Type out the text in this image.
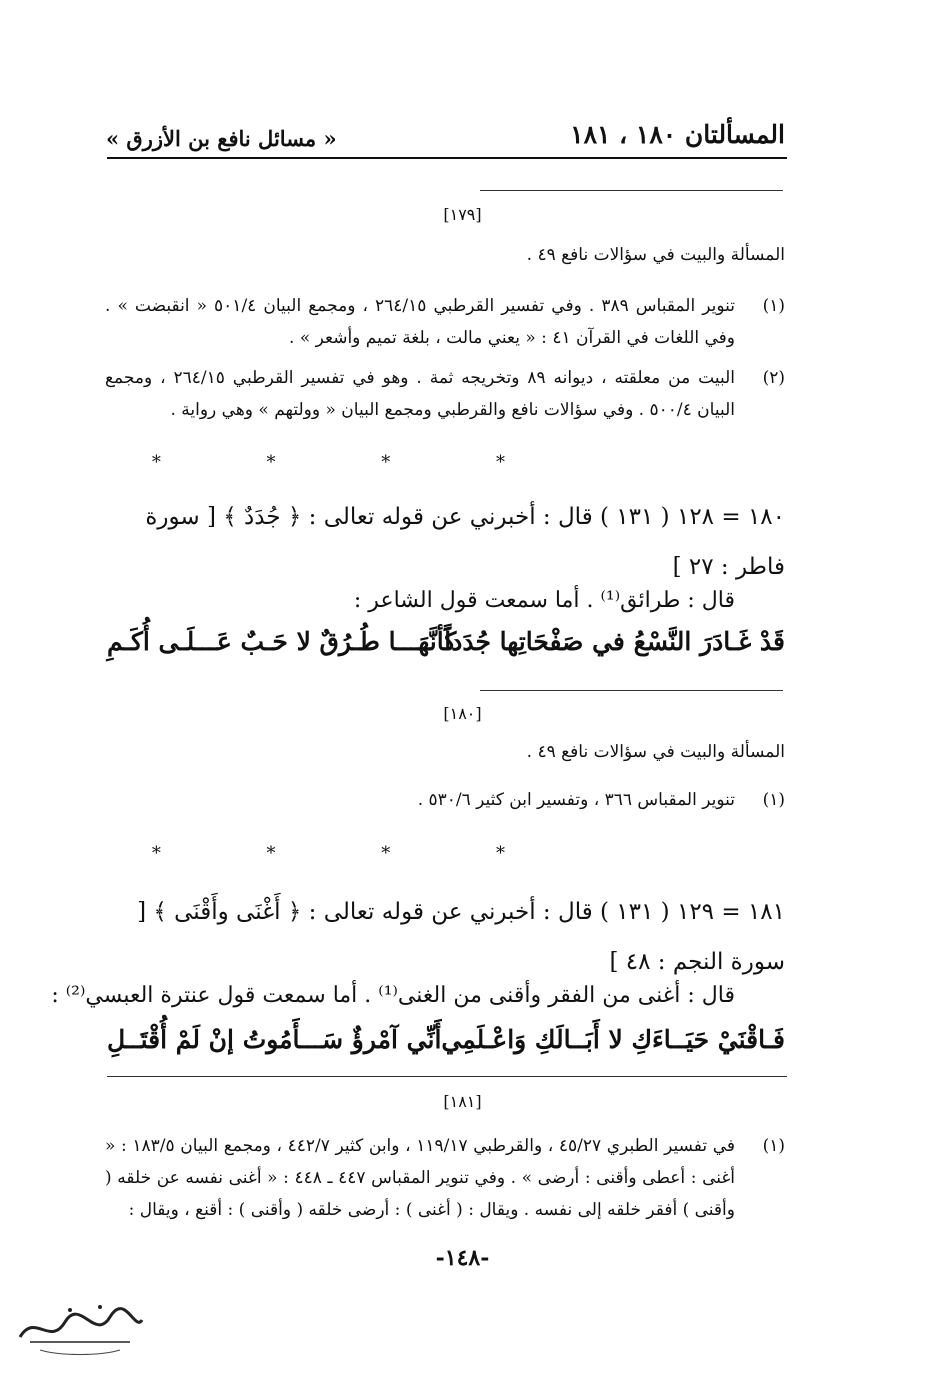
المسألتان ١٨٠ ، ١٨١
« مسائل نافع بن الأزرق »
[١٧٩]
المسألة والبيت في سؤالات نافع ٤٩ .
(١)
تنوير المقباس ٣٨٩ . وفي تفسير القرطبي ٢٦٤/١٥ ، ومجمع البيان ٥٠١/٤ « انقبضت » . وفي اللغات في القرآن ٤١ : « يعني مالت ، بلغة تميم وأشعر » .
(٢)
البيت من معلقته ، ديوانه ٨٩ وتخريجه ثمة . وهو في تفسير القرطبي ٢٦٤/١٥ ، ومجمع البيان ٥٠٠/٤ . وفي سؤالات نافع والقرطبي ومجمع البيان « وولتهم » وهي رواية .
* * * *
١٨٠ = ١٢٨ ( ١٣١ ) قال : أخبرني عن قوله تعالى : ﴿ جُدَدٌ ﴾ [ سورة فاطر : ٢٧ ]
قال : طرائق⁽¹⁾ . أما سمعت قول الشاعر :
قَدْ غَـادَرَ النَّسْعُ في صَفْحَاتِها جُدَداً
كَأنَّهَـــا طُـرُقٌ لا حَـبٌ عَـــلَـى أُكَـمِ
[١٨٠]
المسألة والبيت في سؤالات نافع ٤٩ .
(١)
تنوير المقباس ٣٦٦ ، وتفسير ابن كثير ٥٣٠/٦ .
* * * *
١٨١ = ١٢٩ ( ١٣١ ) قال : أخبرني عن قوله تعالى : ﴿ أَغْنَى وأَقْنَى ﴾ [ سورة النجم : ٤٨ ]
قال : أغنى من الفقر وأقنى من الغنى⁽¹⁾ . أما سمعت قول عنترة العبسي⁽²⁾ :
فَـاقْنَيْ حَيَــاءَكِ لا أَبَــالَكِ وَاعْـلَمِي
أَنِّي آمْرؤٌ سَـــأَمُوتُ إنْ لَمْ أُقْتَــلِ
[١٨١]
(١)
في تفسير الطبري ٤٥/٢٧ ، والقرطبي ١١٩/١٧ ، وابن كثير ٤٤٢/٧ ، ومجمع البيان ١٨٣/٥ : « أغنى : أعطى وأقنى : أرضى » . وفي تنوير المقباس ٤٤٧ ـ ٤٤٨ : « أغنى نفسه عن خلقه ( وأقنى ) أفقر خلقه إلى نفسه . ويقال : ( أغنى ) : أرضى خلقه ( وأقنى ) : أقنع ، ويقال :
-١٤٨-
